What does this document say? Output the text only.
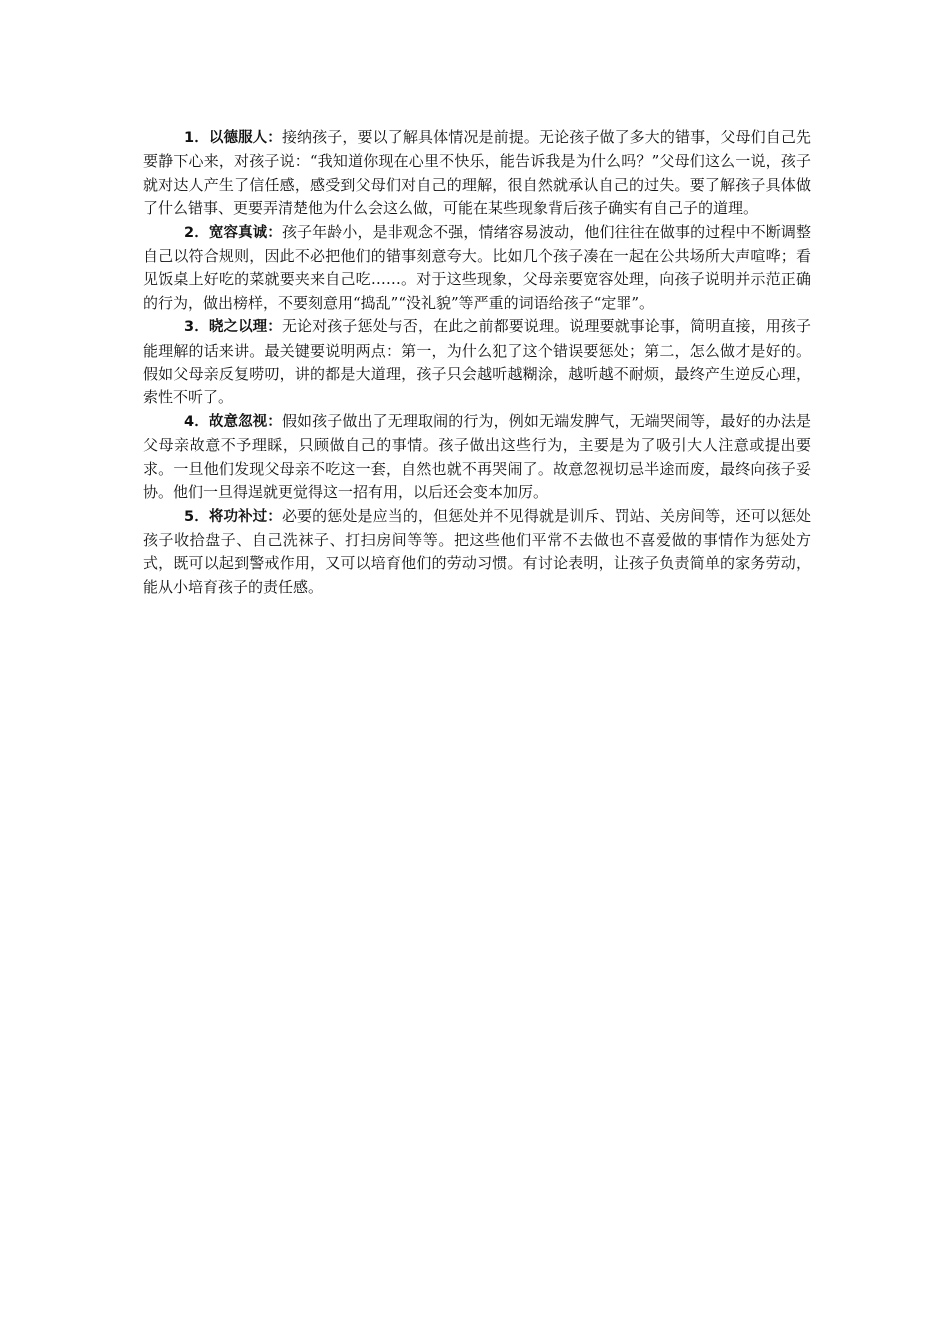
1．以德服人：接纳孩子，要以了解具体情况是前提。无论孩子做了多大的错事，父母们自己先要静下心来，对孩子说：“我知道你现在心里不快乐，能告诉我是为什么吗？”父母们这么一说，孩子就对达人产生了信任感，感受到父母们对自己的理解，很自然就承认自己的过失。要了解孩子具体做了什么错事、更要弄清楚他为什么会这么做，可能在某些现象背后孩子确实有自己子的道理。

2．宽容真诚：孩子年龄小，是非观念不强，情绪容易波动，他们往往在做事的过程中不断调整自己以符合规则，因此不必把他们的错事刻意夸大。比如几个孩子凑在一起在公共场所大声喧哗；看见饭桌上好吃的菜就要夹来自己吃……。对于这些现象，父母亲要宽容处理，向孩子说明并示范正确的行为，做出榜样，不要刻意用“捣乱”“没礼貌”等严重的词语给孩子“定罪”。

3．晓之以理：无论对孩子惩处与否，在此之前都要说理。说理要就事论事，简明直接，用孩子能理解的话来讲。最关键要说明两点：第一，为什么犯了这个错误要惩处；第二，怎么做才是好的。假如父母亲反复唠叨，讲的都是大道理，孩子只会越听越糊涂，越听越不耐烦，最终产生逆反心理，索性不听了。

4．故意忽视：假如孩子做出了无理取闹的行为，例如无端发脾气，无端哭闹等，最好的办法是父母亲故意不予理睬，只顾做自己的事情。孩子做出这些行为，主要是为了吸引大人注意或提出要求。一旦他们发现父母亲不吃这一套，自然也就不再哭闹了。故意忽视切忌半途而废，最终向孩子妥协。他们一旦得逞就更觉得这一招有用，以后还会变本加厉。

5．将功补过：必要的惩处是应当的，但惩处并不见得就是训斥、罚站、关房间等，还可以惩处孩子收拾盘子、自己洗袜子、打扫房间等等。把这些他们平常不去做也不喜爱做的事情作为惩处方式，既可以起到警戒作用，又可以培育他们的劳动习惯。有讨论表明，让孩子负责简单的家务劳动，能从小培育孩子的责任感。
